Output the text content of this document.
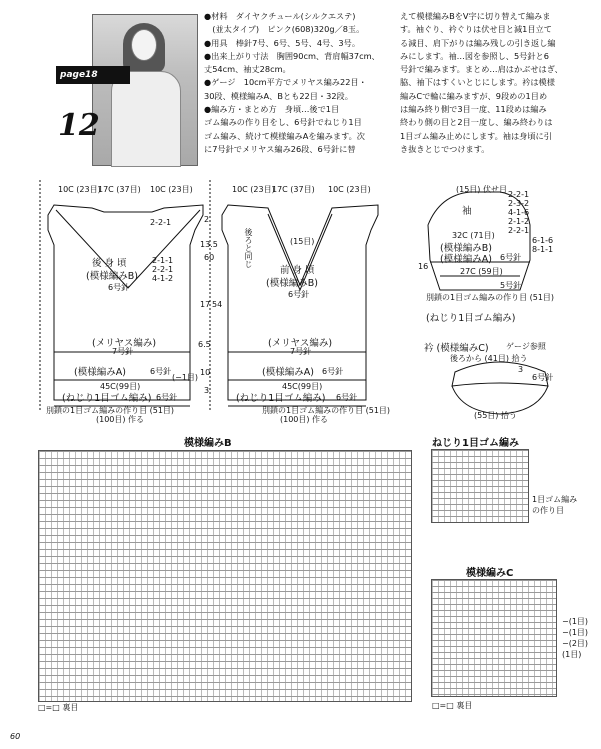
page18
12
●材料　ダイヤクチュール(シルクエステ)
　(並太タイプ)　ピンク(608)320g／8玉。
●用具　棒針7号、6号、5号、4号、3号。
●出来上がり寸法　胸囲90cm、背肩幅37cm、
丈54cm、袖丈28cm。
●ゲージ　10cm平方でメリヤス編み22目・
30段、模様編みA、Bとも22目・32段。
●編み方・まとめ方　身頃…後で1目
ゴム編みの作り目をし、6号針でねじり1目
ゴム編み、続けて模様編みAを編みます。次
に7号針でメリヤス編み26段、6号針に替
えて模様編みBをV字に切り替えて編みま
す。袖ぐり、衿ぐりは伏せ目と減1目立て
る減目、肩下がりは編み残しの引き返し編
みにします。袖…図を参照し、5号針と6
号針で編みます。まとめ…肩はかぶせはぎ、
脇、袖下はすくいとじにします。衿は模様
編みCで輪に編みますが、9段めの1目め
は編み終り側で3目一度、11段めは編み
終わり側の目と2目一度し、編み終わりは
1目ゴム編み止めにします。袖は身頃に引
き抜きとじでつけます。
10C (23目)
17C (37目) 10C (23目)
2-2-1
2-1-1
2-2-1
4-1-2
後 身 頃
(模様編みB)
6号針
(メリヤス編み)
7号針
(模様編みA)	6号針
45C(99目)
(ねじり1目ゴム編み) 6号針
(−1目)
別鎖の1目ゴム編みの作り目 (51目)
(100目) 作る
2
13.5
60
17 54
6.5
10
3
10C (23目)
17C (37目) 10C (23目)
(15目)
後ろと同じ
前 身 頃
(模様編みB)
6号針
(メリヤス編み)
7号針
(模様編みA) 6号針
45C(99目)
(ねじり1目ゴム編み) 6号針
別鎖の1目ゴム編みの作り目 (51目)
(100目) 作る
(15目) 伏せ目
2-2-1
2-3-2
4-1-6
2-1-2
2-2-1
袖
32C (71目)
(模様編みB)
(模様編みA) 6号針
6-1-6
8-1-1
27C (59目)
16
5号針
別鎖の1目ゴム編みの作り目 (51目)
(ねじり1目ゴム編み)
衿 (模様編みC) ゲージ参照
後ろから (41目) 拾う
6号針
3
(55目) 拾う
模様編みB
□=□ 裏目
ねじり1目ゴム編み
1目ゴム編み
の作り目
模様編みC
−(1目)
−(1目)
−(2目)
(1目)
□=□ 裏目
60
